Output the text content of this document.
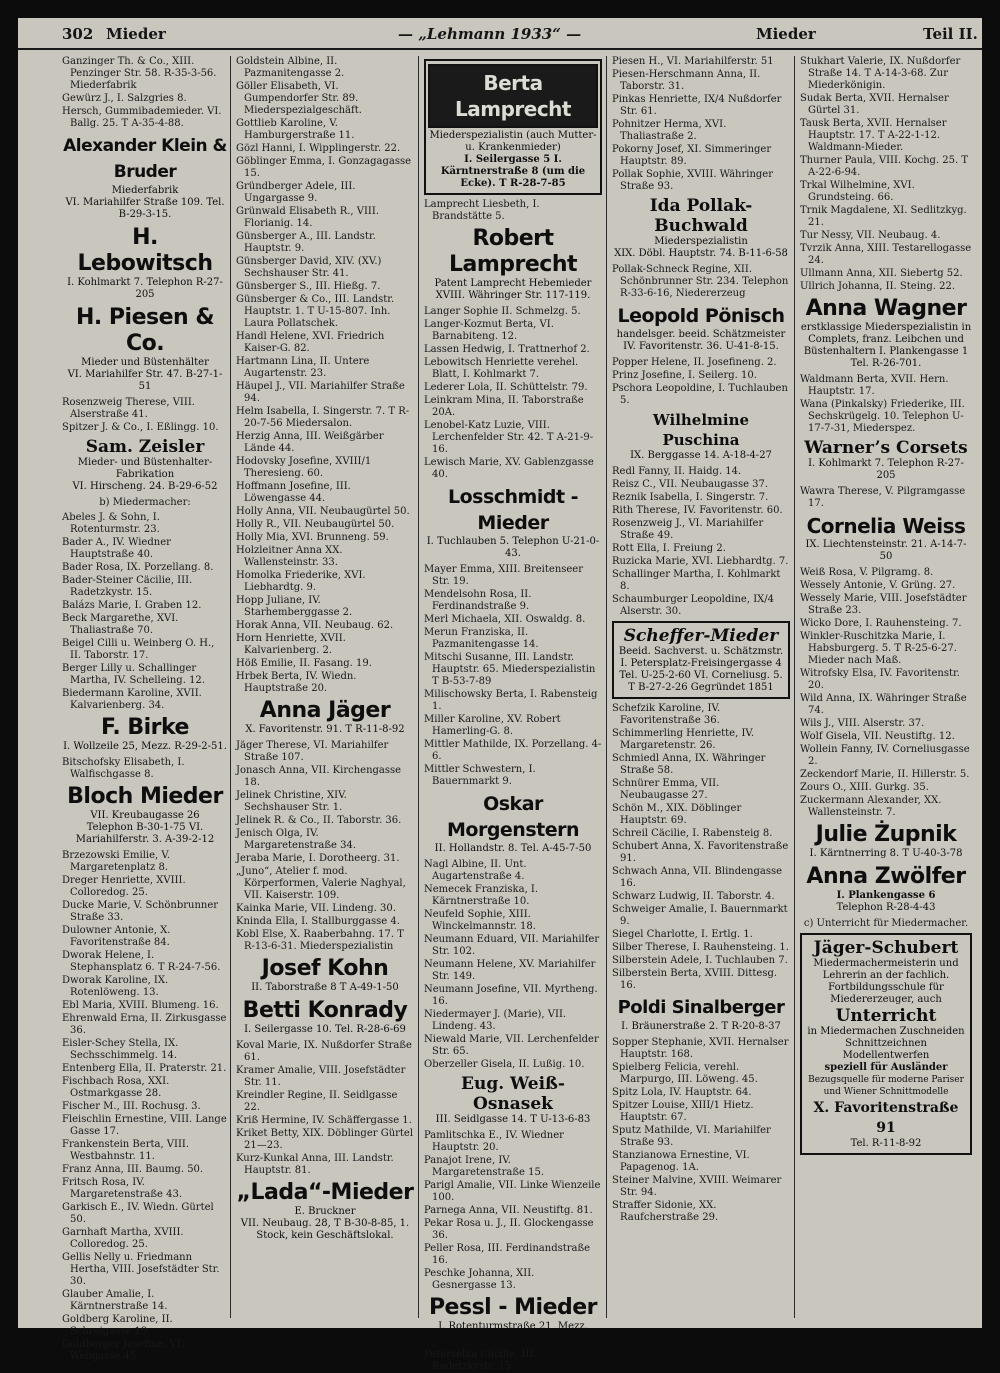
302 Mieder	— „Lehmann 1933“ —	Mieder	Teil II.

Ganzinger Th. & Co., XIII. Penzinger Str. 58. R-35-3-56. Miederfabrik

Gewürz J., I. Salzgries 8.

Hersch, Gummibademieder. VI. Ballg. 25. T A-35-4-88.

Alexander Klein & Bruder
Miederfabrik
VI. Mariahilfer Straße 109. Tel. B-29-3-15.
H. Lebowitsch
I. Kohlmarkt 7. Telephon R-27-205
H. Piesen & Co.
Mieder und Büstenhälter
VI. Mariahilfer Str. 47. B-27-1-51

Rosenzweig Therese, VIII. Alserstraße 41.

Spitzer J. & Co., I. Eßlingg. 10.

Sam. Zeisler
Mieder- und Büstenhalter-Fabrikation
VI. Hirscheng. 24. B-29-6-52
b) Miedermacher:

Abeles J. & Sohn, I. Rotenturmstr. 23.

Bader A., IV. Wiedner Hauptstraße 40.

Bader Rosa, IX. Porzellang. 8.

Bader-Steiner Cäcilie, III. Radetzkystr. 15.

Balázs Marie, I. Graben 12.

Beck Margarethe, XVI. Thaliastraße 70.

Beigel Cilli u. Weinberg O. H., II. Taborstr. 17.

Berger Lilly u. Schallinger Martha, IV. Schelleing. 12.

Biedermann Karoline, XVII. Kalvarienberg. 34.

F. Birke
I. Wollzeile 25, Mezz. R-29-2-51.

Bitschofsky Elisabeth, I. Walfischgasse 8.

Bloch Mieder
VII. Kreubaugasse 26
Telephon B-30-1-75 VI. Mariahilferstr. 3. A-39-2-12

Brzezowski Emilie, V. Margaretenplatz 8.

Dreger Henriette, XVIII. Colloredog. 25.

Ducke Marie, V. Schönbrunner Straße 33.

Dulowner Antonie, X. Favoritenstraße 84.

Dworak Helene, I. Stephansplatz 6. T R-24-7-56.

Dworak Karoline, IX. Rotenlöweng. 13.

Ebl Maria, XVIII. Blumeng. 16.

Ehrenwald Erna, II. Zirkusgasse 36.

Eisler-Schey Stella, IX. Sechsschimmelg. 14.

Entenberg Ella, II. Praterstr. 21.

Fischbach Rosa, XXI. Ostmarkgasse 28.

Fischer M., III. Rochusg. 3.

Fleischlin Ernestine, VIII. Lange Gasse 17.

Frankenstein Berta, VIII. Westbahnstr. 11.

Franz Anna, III. Baumg. 50.

Fritsch Rosa, IV. Margaretenstraße 43.

Garkisch E., IV. Wiedn. Gürtel 50.

Garnhaft Martha, XVIII. Colloredog. 25.

Gellis Nelly u. Friedmann Hertha, VIII. Josefstädter Str. 30.

Glauber Amalie, I. Kärntnerstraße 14.

Goldberg Karoline, II. Schreigasse 19.

Goldberger Josefine, VI. Webgasse 45.

Goldstein Albine, II. Pazmanitengasse 2.

Göller Elisabeth, VI. Gumpendorfer Str. 89. Miederspezialgeschäft.

Gottlieb Karoline, V. Hamburgerstraße 11.

Gözl Hanni, I. Wipplingerstr. 22.

Göblinger Emma, I. Gonzagagasse 15.

Gründberger Adele, III. Ungargasse 9.

Grünwald Elisabeth R., VIII. Florianig. 14.

Günsberger A., III. Landstr. Hauptstr. 9.

Günsberger David, XIV. (XV.) Sechshauser Str. 41.

Günsberger S., III. Hießg. 7.

Günsberger & Co., III. Landstr. Hauptstr. 1. T U-15-807. Inh. Laura Pollatschek.

Handl Helene, XVI. Friedrich Kaiser-G. 82.

Hartmann Lina, II. Untere Augartenstr. 23.

Häupel J., VII. Mariahilfer Straße 94.

Helm Isabella, I. Singerstr. 7. T R-20-7-56 Miedersalon.

Herzig Anna, III. Weißgärber Lände 44.

Hodovsky Josefine, XVIII/1 Theresieng. 60.

Hoffmann Josefine, III. Löwengasse 44.

Holly Anna, VII. Neubaugürtel 50.

Holly R., VII. Neubaugürtel 50.

Holly Mia, XVI. Brunneng. 59.

Holzleitner Anna XX. Wallensteinstr. 33.

Homolka Friederike, XVI. Liebhardtg. 9.

Hopp Juliane, IV. Starhemberggasse 2.

Horak Anna, VII. Neubaug. 62.

Horn Henriette, XVII. Kalvarienberg. 2.

Höß Emilie, II. Fasang. 19.

Hrbek Berta, IV. Wiedn. Hauptstraße 20.

Anna Jäger
X. Favoritenstr. 91. T R-11-8-92

Jäger Therese, VI. Mariahilfer Straße 107.

Jonasch Anna, VII. Kirchengasse 18.

Jelinek Christine, XIV. Sechshauser Str. 1.

Jelinek R. & Co., II. Taborstr. 36.

Jenisch Olga, IV. Margaretenstraße 34.

Jeraba Marie, I. Dorotheerg. 31.

„Juno“, Atelier f. mod. Körperformen, Valerie Naghyal, VII. Kaiserstr. 109.

Kainka Marie, VII. Lindeng. 30.

Kninda Ella, I. Stallburggasse 4.

Kobl Else, X. Raaberbahng. 17. T R-13-6-31. Miederspezialistin

Josef Kohn
II. Taborstraße 8 T A-49-1-50
Betti Konrady
I. Seilergasse 10. Tel. R-28-6-69

Koval Marie, IX. Nußdorfer Straße 61.

Kramer Amalie, VIII. Josefstädter Str. 11.

Kreindler Regine, II. Seidlgasse 22.

Kriß Hermine, IV. Schäffergasse 1.

Kriket Betty, XIX. Döblinger Gürtel 21—23.

Kurz-Kunkal Anna, III. Landstr. Hauptstr. 81.

„Lada“-Mieder
E. Bruckner
VII. Neubaug. 28, T B-30-8-85, 1. Stock, kein Geschäftslokal.
Berta Lamprecht
Miederspezialistin (auch Mutter- u. Krankenmieder)
I. Seilergasse 5 I. Kärntnerstraße 8 (um die Ecke). T R-28-7-85

Lamprecht Liesbeth, I. Brandstätte 5.

Robert Lamprecht
Patent Lamprecht Hebemieder XVIII. Währinger Str. 117-119.

Langer Sophie II. Schmelzg. 5.

Langer-Kozmut Berta, VI. Barnabiteng. 12.

Lassen Hedwig, I. Trattnerhof 2.

Lebowitsch Henriette verehel. Blatt, I. Kohlmarkt 7.

Lederer Lola, II. Schüttelstr. 79.

Leinkram Mina, II. Taborstraße 20A.

Lenobel-Katz Luzie, VIII. Lerchenfelder Str. 42. T A-21-9-16.

Lewisch Marie, XV. Gablenzgasse 40.

Losschmidt - Mieder
I. Tuchlauben 5. Telephon U-21-0-43.

Mayer Emma, XIII. Breitenseer Str. 19.

Mendelsohn Rosa, II. Ferdinandstraße 9.

Merl Michaela, XII. Oswaldg. 8.

Merun Franziska, II. Pazmanitengasse 14.

Mitschi Susanne, III. Landstr. Hauptstr. 65. Miederspezialistin T B-53-7-89

Milischowsky Berta, I. Rabensteig 1.

Miller Karoline, XV. Robert Hamerling-G. 8.

Mittler Mathilde, IX. Porzellang. 4-6.

Mittler Schwestern, I. Bauernmarkt 9.

Oskar Morgenstern
II. Hollandstr. 8. Tel. A-45-7-50

Nagl Albine, II. Unt. Augartenstraße 4.

Nemecek Franziska, I. Kärntnerstraße 10.

Neufeld Sophie, XIII. Winckelmannstr. 18.

Neumann Eduard, VII. Mariahilfer Str. 102.

Neumann Helene, XV. Mariahilfer Str. 149.

Neumann Josefine, VII. Myrtheng. 16.

Niedermayer J. (Marie), VII. Lindeng. 43.

Niewald Marie, VII. Lerchenfelder Str. 65.

Oberzeller Gisela, II. Lußig. 10.

Eug. Weiß-Osnasek
III. Seidlgasse 14. T U-13-6-83

Pamlitschka E., IV. Wiedner Hauptstr. 20.

Panajot Irene, IV. Margaretenstraße 15.

Parigl Amalie, VII. Linke Wienzeile 100.

Parnega Anna, VII. Neustiftg. 81.

Pekar Rosa u. J., II. Glockengasse 36.

Peller Rosa, III. Ferdinandstraße 16.

Peschke Johanna, XII. Gesnergasse 13.

Pessl - Mieder
I. Rotenturmstraße 21, Mezz. Telephon U-26-5-13

Peterselka Cäcilie, III. Radetzkystr. 15.

Piesen H., VI. Mariahilferstr. 51

Piesen-Herschmann Anna, II. Taborstr. 31.

Pinkas Henriette, IX/4 Nußdorfer Str. 61.

Pohnitzer Herma, XVI. Thaliastraße 2.

Pokorny Josef, XI. Simmeringer Hauptstr. 89.

Pollak Sophie, XVIII. Währinger Straße 93.

Ida Pollak-Buchwald
Miederspezialistin
XIX. Döbl. Hauptstr. 74. B-11-6-58

Pollak-Schneck Regine, XII. Schönbrunner Str. 234. Telephon R-33-6-16, Niedererzeug

Leopold Pönisch
handelsger. beeid. Schätzmeister IV. Favoritenstr. 36. U-41-8-15.

Popper Helene, II. Josefineng. 2.

Prinz Josefine, I. Seilerg. 10.

Pschora Leopoldine, I. Tuchlauben 5.

Wilhelmine Puschina
IX. Berggasse 14. A-18-4-27

Redl Fanny, II. Haidg. 14.

Reisz C., VII. Neubaugasse 37.

Reznik Isabella, I. Singerstr. 7.

Rith Therese, IV. Favoritenstr. 60.

Rosenzweig J., VI. Mariahilfer Straße 49.

Rott Ella, I. Freiung 2.

Ruzicka Marie, XVI. Liebhardtg. 7.

Schallinger Martha, I. Kohlmarkt 8.

Schaumburger Leopoldine, IX/4 Alserstr. 30.

Scheffer-Mieder
Beeid. Sachverst. u. Schätzmstr. I. Petersplatz-Freisingergasse 4 Tel. U-25-2-60 VI. Corneliusg. 5. T B-27-2-26 Gegründet 1851

Schefzik Karoline, IV. Favoritenstraße 36.

Schimmerling Henriette, IV. Margaretenstr. 26.

Schmiedl Anna, IX. Währinger Straße 58.

Schnürer Emma, VII. Neubaugasse 27.

Schön M., XIX. Döblinger Hauptstr. 69.

Schreil Cäcilie, I. Rabensteig 8.

Schubert Anna, X. Favoritenstraße 91.

Schwach Anna, VII. Blindengasse 16.

Schwarz Ludwig, II. Taborstr. 4.

Schweiger Amalie, I. Bauernmarkt 9.

Siegel Charlotte, I. Ertlg. 1.

Silber Therese, I. Rauhensteing. 1.

Silberstein Adele, I. Tuchlauben 7.

Silberstein Berta, XVIII. Dittesg. 16.

Poldi Sinalberger
I. Bräunerstraße 2. T R-20-8-37

Sopper Stephanie, XVII. Hernalser Hauptstr. 168.

Spielberg Felicia, verehl. Marpurgo, III. Löweng. 45.

Spitz Lola, IV. Hauptstr. 64.

Spitzer Louise, XIII/1 Hietz. Hauptstr. 67.

Sputz Mathilde, VI. Mariahilfer Straße 93.

Stanzianowa Ernestine, VI. Papagenog. 1A.

Steiner Malvine, XVIII. Weimarer Str. 94.

Straffer Sidonie, XX. Raufcherstraße 29.

Stukhart Valerie, IX. Nußdorfer Straße 14. T A-14-3-68. Zur Miederkönigin.

Sudak Berta, XVII. Hernalser Gürtel 31.

Tausk Berta, XVII. Hernalser Hauptstr. 17. T A-22-1-12. Waldmann-Mieder.

Thurner Paula, VIII. Kochg. 25. T A-22-6-94.

Trkal Wilhelmine, XVI. Grundsteing. 66.

Trnik Magdalene, XI. Sedlitzkyg. 21.

Tur Nessy, VII. Neubaug. 4.

Tvrzik Anna, XIII. Testarellogasse 24.

Ullmann Anna, XII. Siebertg 52.

Ullrich Johanna, II. Steing. 22.

Anna Wagner
erstklassige Miederspezialistin in Complets, franz. Leibchen und Büstenhaltern I. Plankengasse 1 Tel. R-26-701.

Waldmann Berta, XVII. Hern. Hauptstr. 17.

Wana (Pinkalsky) Friederike, III. Sechskrügelg. 10. Telephon U-17-7-31, Miederspez.

Warner’s Corsets
I. Kohlmarkt 7. Telephon R-27-205

Wawra Therese, V. Pilgramgasse 17.

Cornelia Weiss
IX. Liechtensteinstr. 21. A-14-7-50

Weiß Rosa, V. Pilgramg. 8.

Wessely Antonie, V. Grüng. 27.

Wessely Marie, VIII. Josefstädter Straße 23.

Wicko Dore, I. Rauhensteing. 7.

Winkler-Ruschitzka Marie, I. Habsburgerg. 5. T R-25-6-27. Mieder nach Maß.

Witrofsky Elsa, IV. Favoritenstr. 20.

Wild Anna, IX. Währinger Straße 74.

Wils J., VIII. Alserstr. 37.

Wolf Gisela, VII. Neustiftg. 12.

Wollein Fanny, IV. Corneliusgasse 2.

Zeckendorf Marie, II. Hillerstr. 5.

Zours O., XIII. Gurkg. 35.

Zuckermann Alexander, XX. Wallensteinstr. 7.

Julie Żupnik
I. Kärntnerring 8. T U-40-3-78
Anna Zwölfer
I. Plankengasse 6
Telephon R-28-4-43
c) Unterricht für Miedermacher.
Jäger-Schubert
Miedermachermeisterin und Lehrerin an der fachlich. Fortbildungsschule für Miedererzeuger, auch
Unterricht
in Miedermachen Zuschneiden Schnittzeichnen Modellentwerfen
speziell für Ausländer
Bezugsquelle für moderne Pariser und Wiener Schnittmodelle
X. Favoritenstraße 91
Tel. R-11-8-92
